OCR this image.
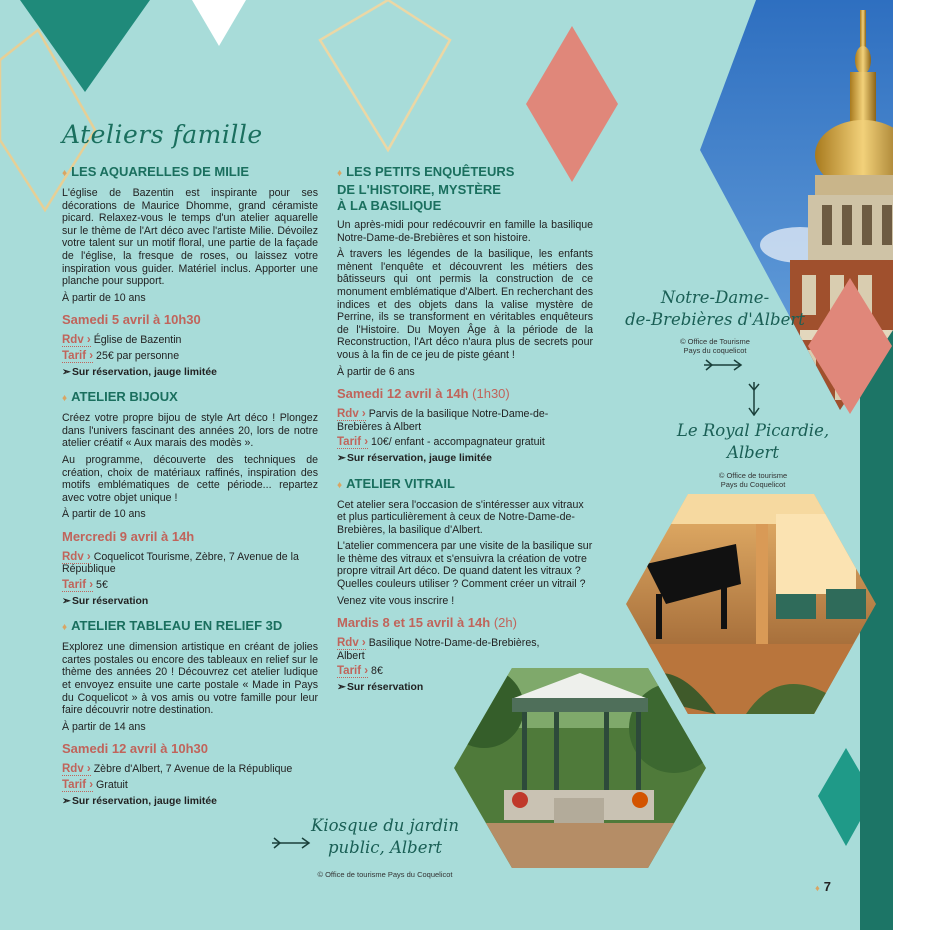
Ateliers famille
♦ LES AQUARELLES DE MILIE

L'église de Bazentin est inspirante pour ses décorations de Maurice Dhomme, grand céramiste picard. Relaxez-vous le temps d'un atelier aquarelle sur le thème de l'Art déco avec l'artiste Milie. Dévoilez votre talent sur un motif floral, une partie de la façade de l'église, la fresque de roses, ou laissez votre inspiration vous guider. Matériel inclus. Apporter une planche pour support.

À partir de 10 ans

Samedi 5 avril à 10h30
Rdv › Église de Bazentin
Tarif › 25€ par personne
➣Sur réservation, jauge limitée
♦ ATELIER BIJOUX

Créez votre propre bijou de style Art déco ! Plongez dans l'univers fascinant des années 20, lors de notre atelier créatif « Aux marais des modès ».

Au programme, découverte des techniques de création, choix de matériaux raffinés, inspiration des motifs emblématiques de cette période... repartez avec votre objet unique !

À partir de 10 ans

Mercredi 9 avril à 14h
Rdv › Coquelicot Tourisme, Zèbre, 7 Avenue de la République
Tarif › 5€
➣Sur réservation
♦ ATELIER TABLEAU EN RELIEF 3D

Explorez une dimension artistique en créant de jolies cartes postales ou encore des tableaux en relief sur le thème des années 20 ! Découvrez cet atelier ludique et envoyez ensuite une carte postale « Made in Pays du Coquelicot » à vos amis ou votre famille pour leur faire découvrir notre destination.

À partir de 14 ans

Samedi 12 avril à 10h30
Rdv › Zèbre d'Albert, 7 Avenue de la République
Tarif › Gratuit
➣Sur réservation, jauge limitée
♦ LES PETITS ENQUÊTEURS
DE L'HISTOIRE, MYSTÈRE
À LA BASILIQUE

Un après-midi pour redécouvrir en famille la basilique Notre-Dame-de-Brebières et son histoire.

À travers les légendes de la basilique, les enfants mènent l'enquête et découvrent les métiers des bâtisseurs qui ont permis la construction de ce monument emblématique d'Albert. En recherchant des indices et des objets dans la valise mystère de Perrine, ils se transforment en véritables enquêteurs de l'Histoire. Du Moyen Âge à la période de la Reconstruction, l'Art déco n'aura plus de secrets pour vous à la fin de ce jeu de piste géant !

À partir de 6 ans

Samedi 12 avril à 14h (1h30)
Rdv › Parvis de la basilique Notre-Dame-de-Brebières à Albert
Tarif › 10€/ enfant - accompagnateur gratuit
➣Sur réservation, jauge limitée
♦ ATELIER VITRAIL

Cet atelier sera l'occasion de s'intéresser aux vitraux et plus particulièrement à ceux de Notre-Dame-de-Brebières, la basilique d'Albert.

L'atelier commencera par une visite de la basilique sur le thème des vitraux et s'ensuivra la création de votre propre vitrail Art déco. De quand datent les vitraux ? Quelles couleurs utiliser ? Comment créer un vitrail ?

Venez vite vous inscrire !

Mardis 8 et 15 avril à 14h (2h)
Rdv › Basilique Notre-Dame-de-Brebières, Albert
Tarif › 8€
➣Sur réservation
Notre-Dame-
de-Brebières d'Albert
© Office de Tourisme
Pays du coquelicot
Le Royal Picardie,
Albert
© Office de tourisme
Pays du Coquelicot
Kiosque du jardin
public, Albert
© Office de tourisme Pays du Coquelicot
♦ 7
